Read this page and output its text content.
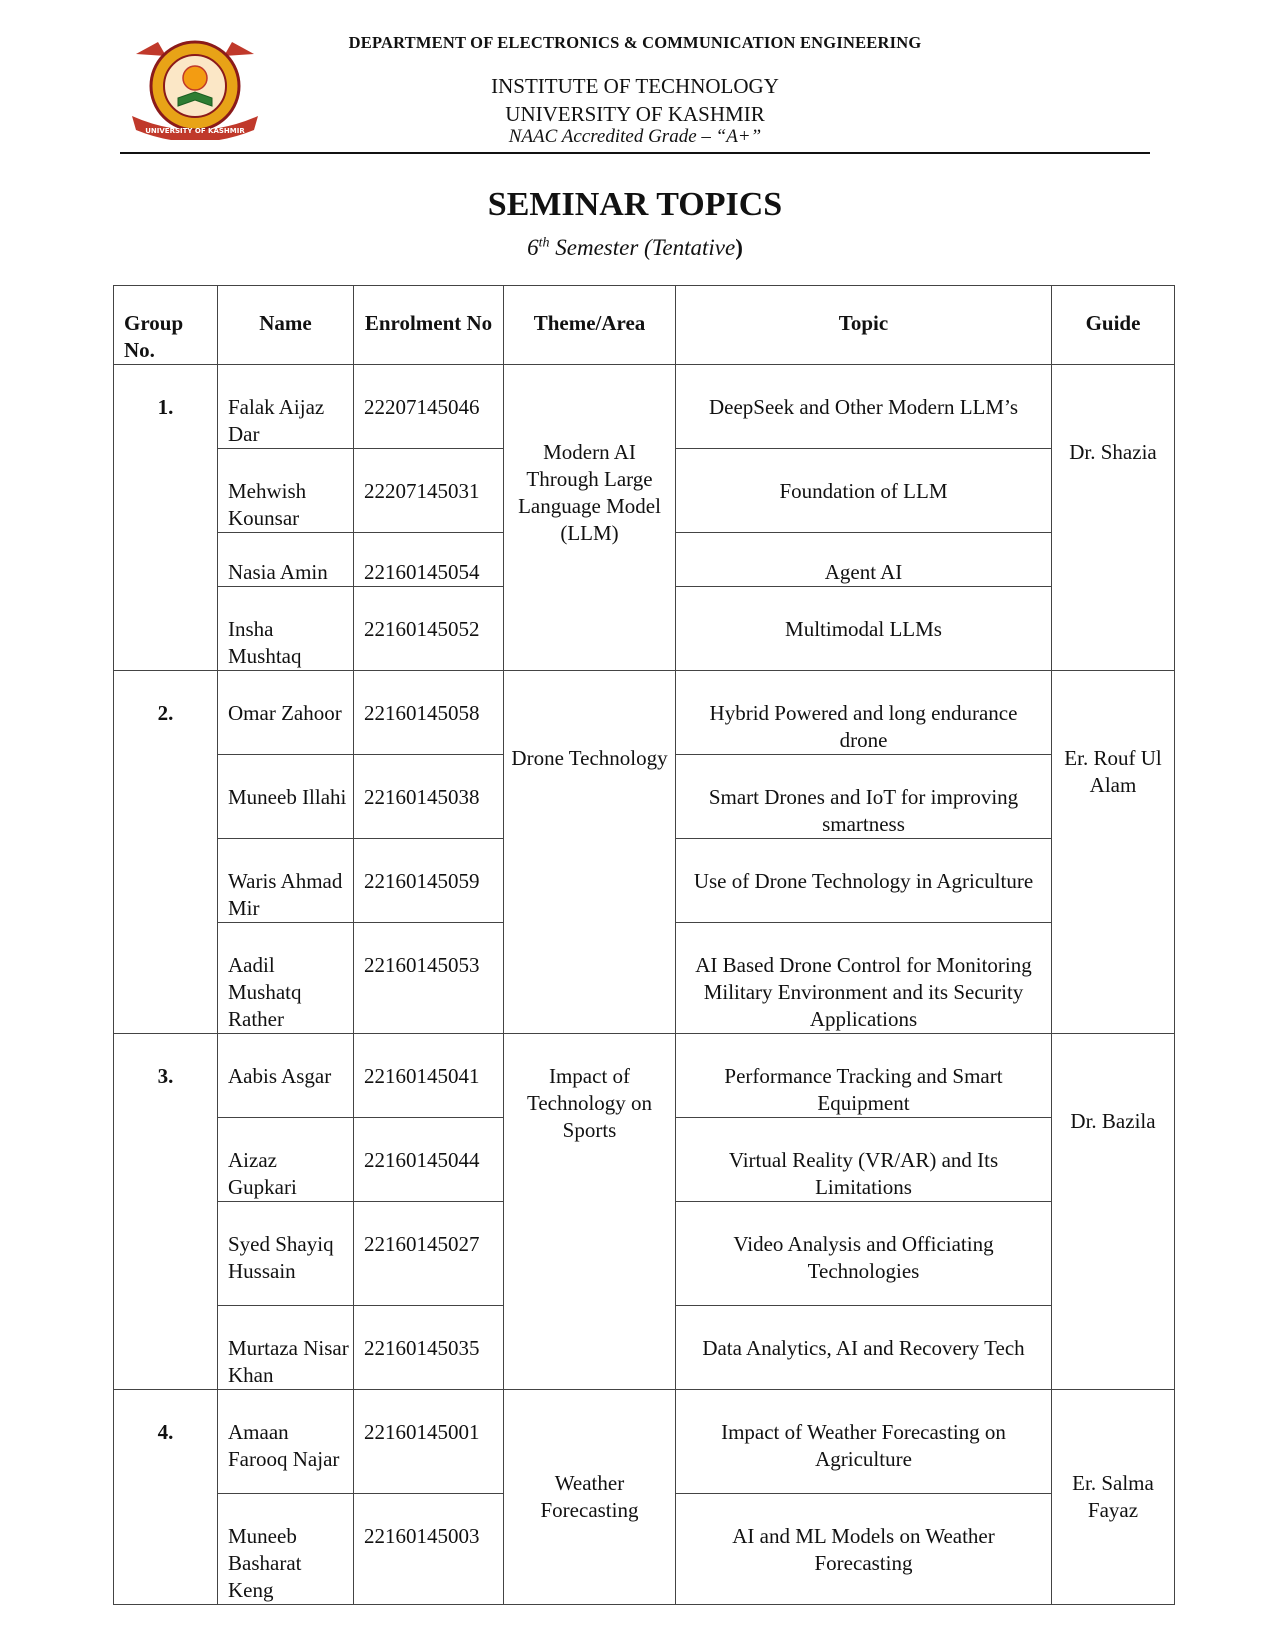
UNIVERSITY OF KASHMIR
DEPARTMENT OF ELECTRONICS & COMMUNICATION ENGINEERING
INSTITUTE OF TECHNOLOGY
UNIVERSITY OF KASHMIR
NAAC Accredited Grade – “A+”
SEMINAR TOPICS
6th Semester (Tentative)
Group No.	Name	Enrolment No	Theme/Area	Topic	Guide
1.	Falak Aijaz Dar	22207145046	Modern AI Through Large Language Model (LLM)	DeepSeek and Other Modern LLM’s	Dr. Shazia
	Mehwish Kounsar	22207145031		Foundation of LLM	
	Nasia Amin	22160145054		Agent AI	
	Insha Mushtaq	22160145052		Multimodal LLMs	
2.	Omar Zahoor	22160145058	Drone Technology	Hybrid Powered and long endurance drone	Er. Rouf Ul Alam
	Muneeb Illahi	22160145038		Smart Drones and IoT for improving smartness	
	Waris Ahmad Mir	22160145059		Use of Drone Technology in Agriculture	
	Aadil Mushatq Rather	22160145053		AI Based Drone Control for Monitoring Military Environment and its Security Applications	
3.	Aabis Asgar	22160145041	Impact of Technology on Sports	Performance Tracking and Smart Equipment	Dr. Bazila
	Aizaz Gupkari	22160145044		Virtual Reality (VR/AR) and Its Limitations	
	Syed Shayiq Hussain	22160145027		Video Analysis and Officiating Technologies	
	Murtaza Nisar Khan	22160145035		Data Analytics, AI and Recovery Tech	
4.	Amaan Farooq Najar	22160145001	Weather Forecasting	Impact of Weather Forecasting on Agriculture	Er. Salma Fayaz
	Muneeb Basharat Keng	22160145003		AI and ML Models on Weather Forecasting	
